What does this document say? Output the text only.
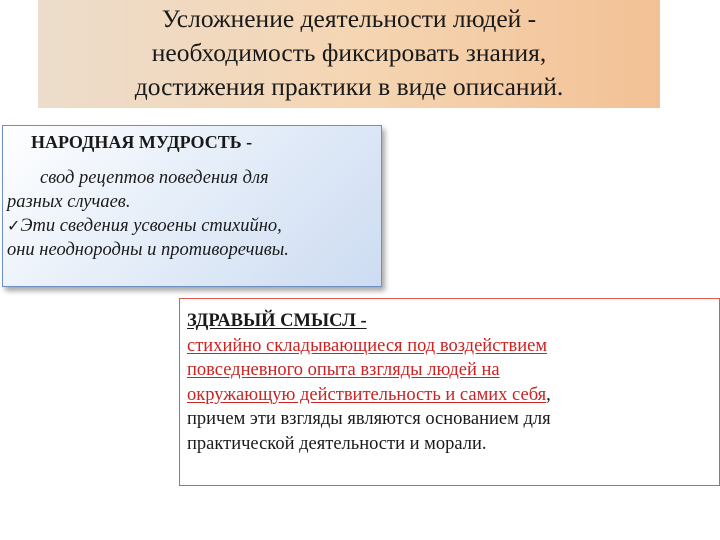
Усложнение деятельности людей -
необходимость фиксировать знания,
достижения практики в виде описаний.
НАРОДНАЯ МУДРОСТЬ -
свод рецептов поведения для
разных случаев.
✓Эти сведения усвоены стихийно,
они неоднородны и противоречивы.
ЗДРАВЫЙ СМЫСЛ -
стихийно складывающиеся под воздействием
повседневного опыта взгляды людей на
окружающую действительность и самих себя,
причем эти взгляды являются основанием для
практической деятельности и морали.
